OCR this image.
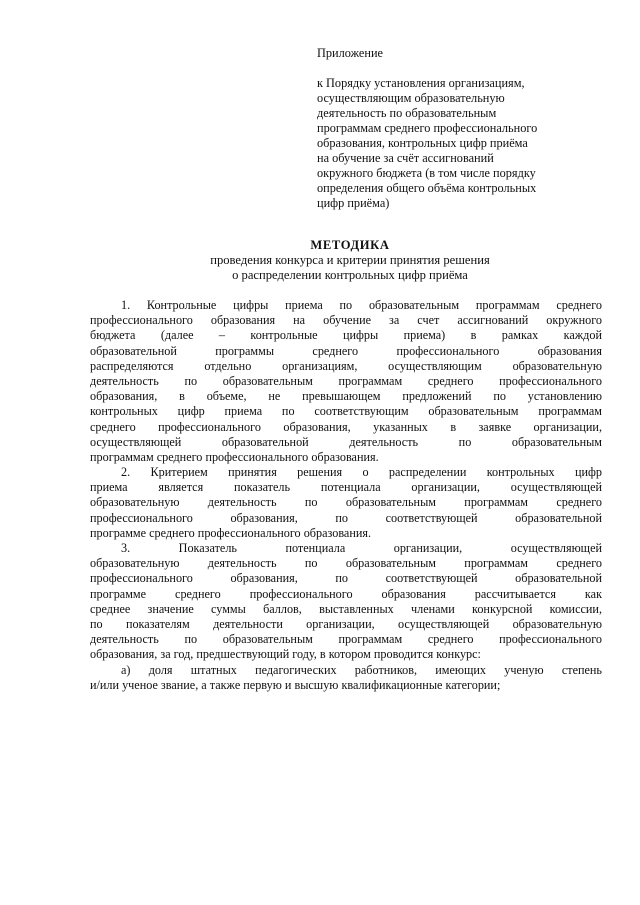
Приложение
к Порядку установления организациям,
осуществляющим образовательную
деятельность по образовательным
программам среднего профессионального
образования, контрольных цифр приёма
на обучение за счёт ассигнований
окружного бюджета (в том числе порядку
определения общего объёма контрольных
цифр приёма)
МЕТОДИКА
проведения конкурса и критерии принятия решения
о распределении контрольных цифр приёма
1. Контрольные цифры приема по образовательным программам среднего
профессионального образования на обучение за счет ассигнований окружного
бюджета (далее – контрольные цифры приема) в рамках каждой
образовательной программы среднего профессионального образования
распределяются отдельно организациям, осуществляющим образовательную
деятельность по образовательным программам среднего профессионального
образования, в объеме, не превышающем предложений по установлению
контрольных цифр приема по соответствующим образовательным программам
среднего профессионального образования, указанных в заявке организации,
осуществляющей образовательной деятельность по образовательным
программам среднего профессионального образования.
2. Критерием принятия решения о распределении контрольных цифр
приема является показатель потенциала организации, осуществляющей
образовательную деятельность по образовательным программам среднего
профессионального образования, по соответствующей образовательной
программе среднего профессионального образования.
3. Показатель потенциала организации, осуществляющей
образовательную деятельность по образовательным программам среднего
профессионального образования, по соответствующей образовательной
программе среднего профессионального образования рассчитывается как
среднее значение суммы баллов, выставленных членами конкурсной комиссии,
по показателям деятельности организации, осуществляющей образовательную
деятельность по образовательным программам среднего профессионального
образования, за год, предшествующий году, в котором проводится конкурс:
а) доля штатных педагогических работников, имеющих ученую степень
и/или ученое звание, а также первую и высшую квалификационные категории;
